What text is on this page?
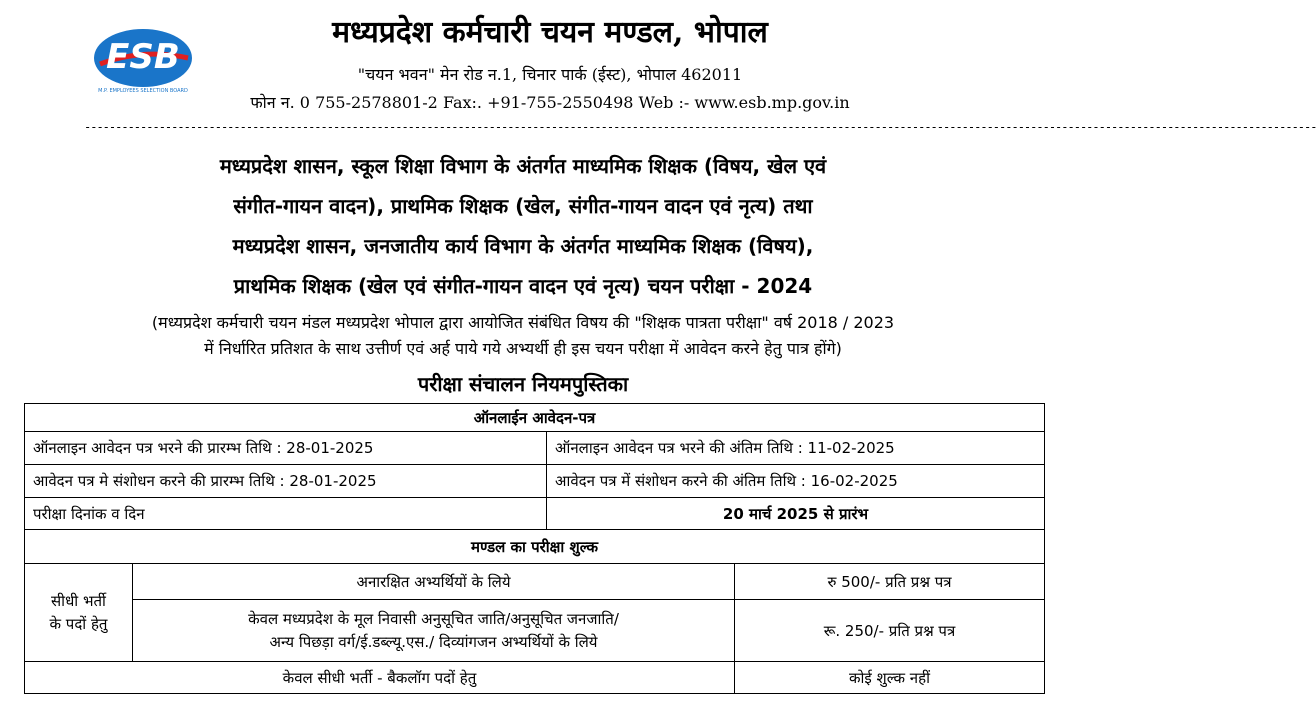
ESB
M.P. EMPLOYEES SELECTION BOARD
मध्यप्रदेश कर्मचारी चयन मण्डल, भोपाल
"चयन भवन" मेन रोड न.1, चिनार पार्क (ईस्ट), भोपाल 462011
फोन न. 0 755-2578801-2 Fax:. +91-755-2550498 Web :- www.esb.mp.gov.in
------------------------------------------------------------------------------------------------------------------------------------------------------------------------------------------------------
मध्यप्रदेश शासन, स्कूल शिक्षा विभाग के अंतर्गत माध्यमिक शिक्षक (विषय, खेल एवं
संगीत-गायन वादन), प्राथमिक शिक्षक (खेल, संगीत-गायन वादन एवं नृत्य) तथा
मध्यप्रदेश शासन, जनजातीय कार्य विभाग के अंतर्गत माध्यमिक शिक्षक (विषय),
प्राथमिक शिक्षक (खेल एवं संगीत-गायन वादन एवं नृत्य) चयन परीक्षा - 2024
(मध्यप्रदेश कर्मचारी चयन मंडल मध्यप्रदेश भोपाल द्वारा आयोजित संबंधित विषय की "शिक्षक पात्रता परीक्षा" वर्ष 2018 / 2023
में निर्धारित प्रतिशत के साथ उत्तीर्ण एवं अर्ह पाये गये अभ्यर्थी ही इस चयन परीक्षा में आवेदन करने हेतु पात्र होंगे)
परीक्षा संचालन नियमपुस्तिका
ऑनलाईन आवेदन-पत्र			
ऑनलाइन आवेदन पत्र भरने की प्रारम्भ तिथि : 28-01-2025		ऑनलाइन आवेदन पत्र भरने की अंतिम तिथि : 11-02-2025	
आवेदन पत्र मे संशोधन करने की प्रारम्भ तिथि : 28-01-2025		आवेदन पत्र में संशोधन करने की अंतिम तिथि : 16-02-2025	
परीक्षा दिनांक व दिन		20 मार्च 2025 से प्रारंभ	
मण्डल का परीक्षा शुल्क			
सीधी भर्ती
के पदों हेतु	अनारक्षित अभ्यर्थियों के लिये		रु 500/- प्रति प्रश्न पत्र
	केवल मध्यप्रदेश के मूल निवासी अनुसूचित जाति/अनुसूचित जनजाति/
अन्य पिछड़ा वर्ग/ई.डब्ल्यू.एस./ दिव्यांगजन अभ्यर्थियों के लिये		रू. 250/- प्रति प्रश्न पत्र
केवल सीधी भर्ती - बैकलॉग पदों हेतु			कोई शुल्क नहीं
